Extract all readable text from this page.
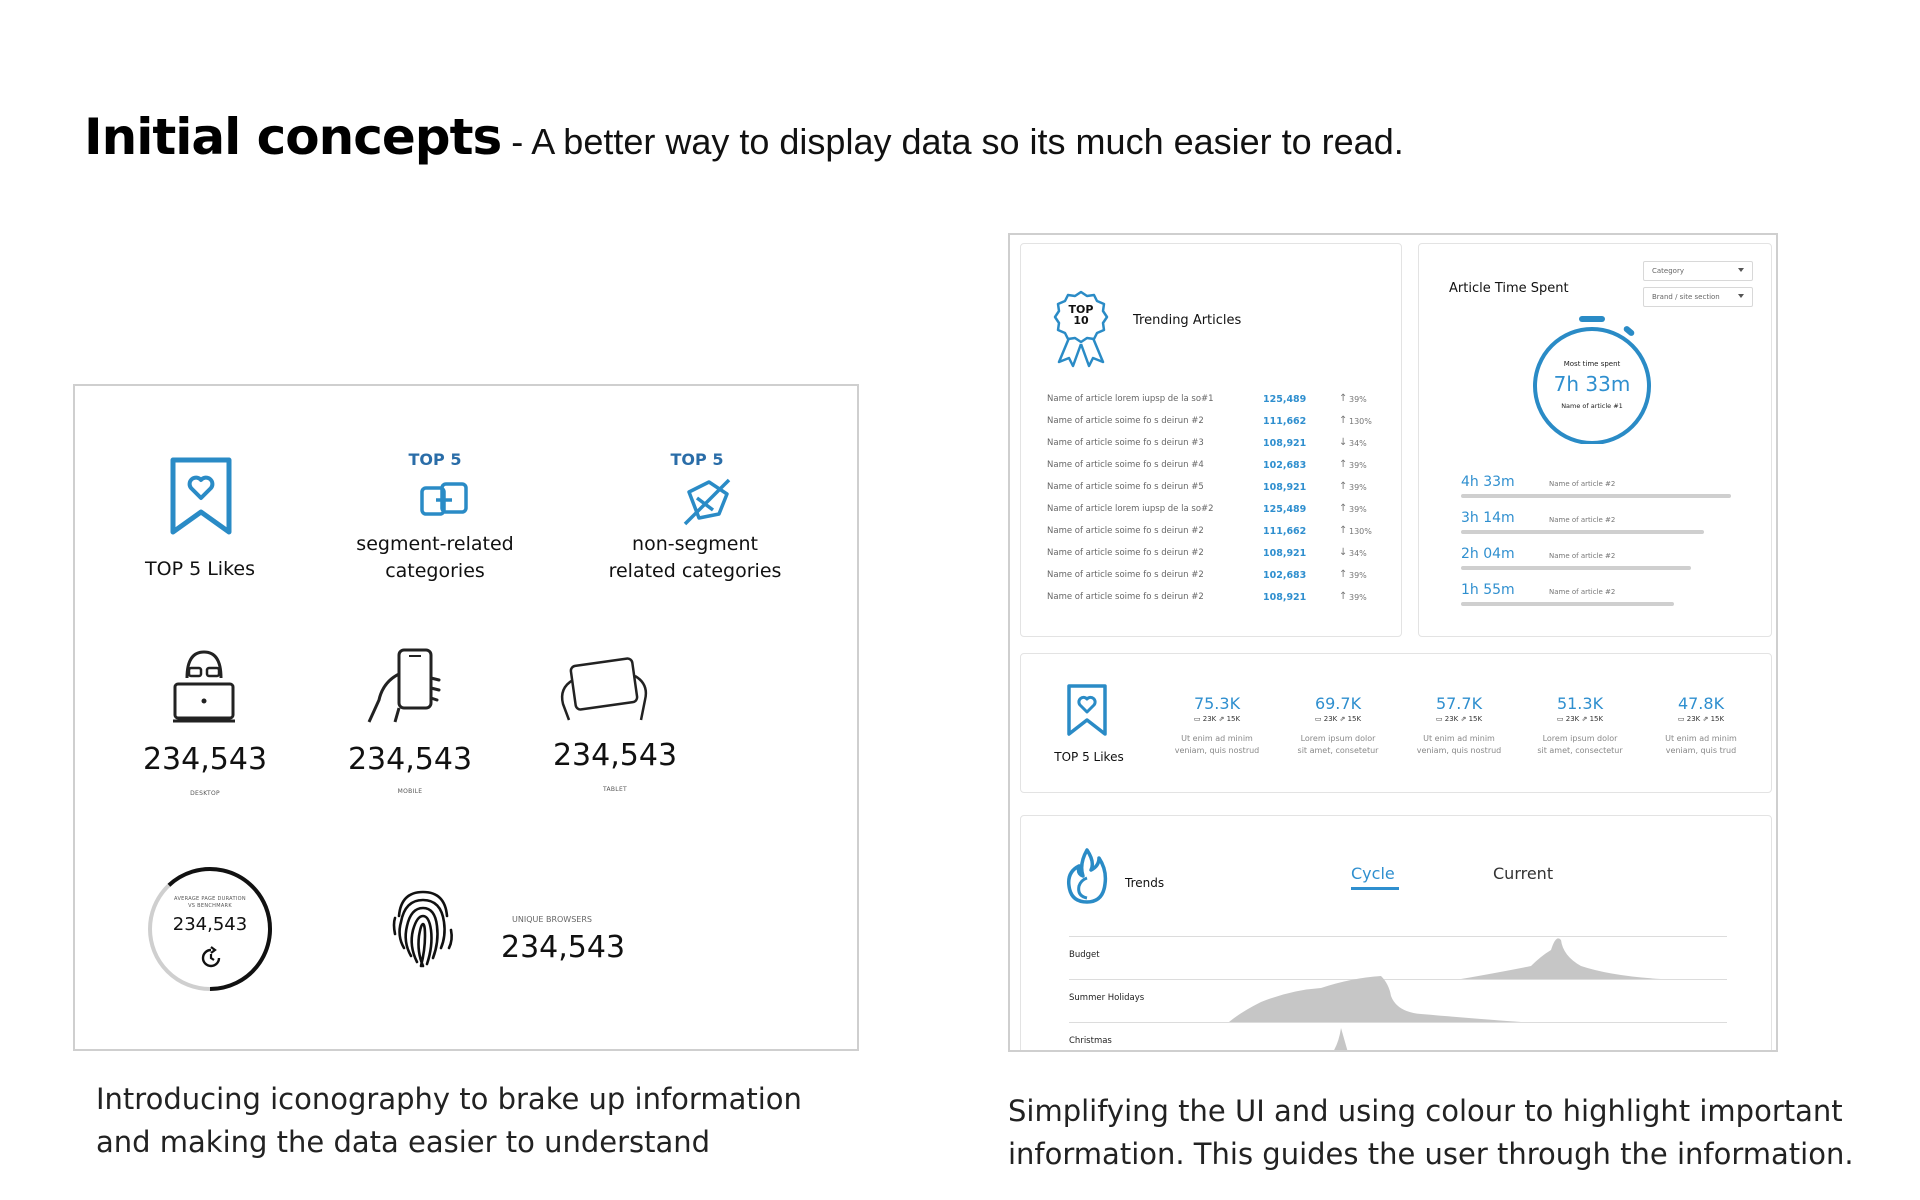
Initial concepts - A better way to display data so its much easier to read.
TOP 5 Likes
TOP 5
segment-related
categories
TOP 5
non-segment
related categories
234,543
DESKTOP
234,543
MOBILE
234,543
TABLET
AVERAGE PAGE DURATION
VS BENCHMARK
234,543	UNIQUE BROWSERS
234,543
Introducing iconography to brake up information
and making the data easier to understand
TOP
10	Trending Articles
Name of article lorem iupsp de la so#1	125,489	↑ 39%
Name of article soime fo s deirun #2	111,662	↑ 130%
Name of article soime fo s deirun #3	108,921	↓ 34%
Name of article soime fo s deirun #4	102,683	↑ 39%
Name of article soime fo s deirun #5	108,921	↑ 39%
Name of article lorem iupsp de la so#2	125,489	↑ 39%
Name of article soime fo s deirun #2	111,662	↑ 130%
Name of article soime fo s deirun #2	108,921	↓ 34%
Name of article soime fo s deirun #2	102,683	↑ 39%
Name of article soime fo s deirun #2	108,921	↑ 39%
Article Time Spent
Category
Brand / site section
Most time spent
7h 33m
Name of article #1
4h 33m	Name of article #2
3h 14m	Name of article #2
2h 04m	Name of article #2
1h 55m	Name of article #2
TOP 5 Likes
75.3K
▭ 23K ⇗ 15K
Ut enim ad minim
veniam, quis nostrud
69.7K
▭ 23K ⇗ 15K
Lorem ipsum dolor
sit amet, consetetur
57.7K
▭ 23K ⇗ 15K
Ut enim ad minim
veniam, quis nostrud
51.3K
▭ 23K ⇗ 15K
Lorem ipsum dolor
sit amet, consectetur
47.8K
▭ 23K ⇗ 15K
Ut enim ad minim
veniam, quis trud
Trends	Cycle	Current
Budget
Summer Holidays
Christmas
Simplifying the UI and using colour to highlight important
information. This guides the user through the information.
